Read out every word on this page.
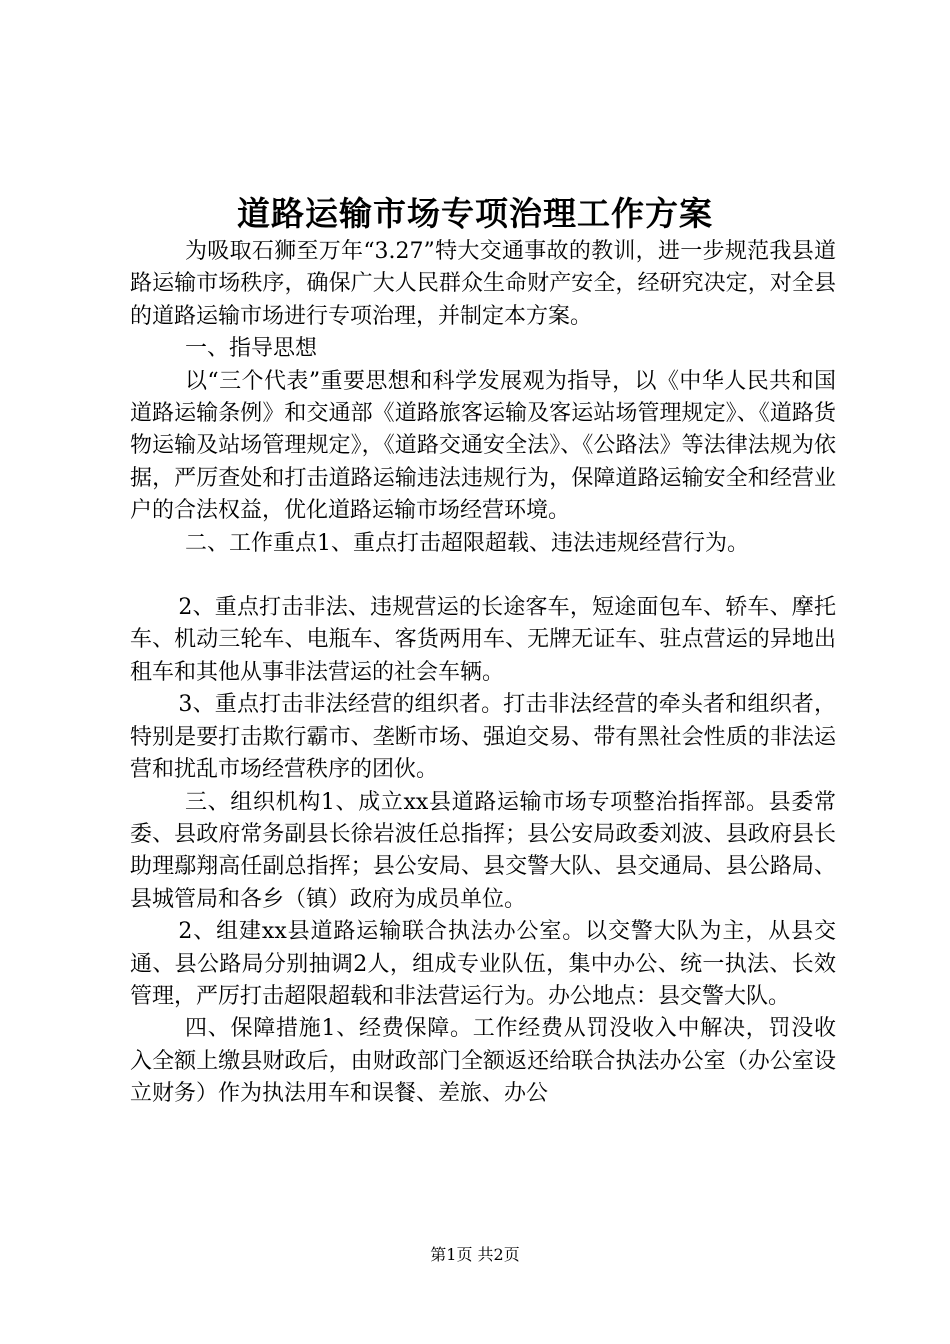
道路运输市场专项治理工作方案

为吸取石狮至万年“3.27”特大交通事故的教训，进一步规范我县道路运输市场秩序，确保广大人民群众生命财产安全，经研究决定，对全县的道路运输市场进行专项治理，并制定本方案。

一、指导思想

以“三个代表”重要思想和科学发展观为指导，以《中华人民共和国道路运输条例》和交通部《道路旅客运输及客运站场管理规定》、《道路货物运输及站场管理规定》，《道路交通安全法》、《公路法》等法律法规为依据，严厉查处和打击道路运输违法违规行为，保障道路运输安全和经营业户的合法权益，优化道路运输市场经营环境。

二、工作重点1、重点打击超限超载、违法违规经营行为。

2、重点打击非法、违规营运的长途客车，短途面包车、轿车、摩托车、机动三轮车、电瓶车、客货两用车、无牌无证车、驻点营运的异地出租车和其他从事非法营运的社会车辆。

3、重点打击非法经营的组织者。打击非法经营的牵头者和组织者，特别是要打击欺行霸市、垄断市场、强迫交易、带有黑社会性质的非法运营和扰乱市场经营秩序的团伙。

三、组织机构1、成立xx县道路运输市场专项整治指挥部。县委常委、县政府常务副县长徐岩波任总指挥；县公安局政委刘波、县政府县长助理鄢翔高任副总指挥；县公安局、县交警大队、县交通局、县公路局、县城管局和各乡（镇）政府为成员单位。

2、组建xx县道路运输联合执法办公室。以交警大队为主，从县交通、县公路局分别抽调2人，组成专业队伍，集中办公、统一执法、长效管理，严厉打击超限超载和非法营运行为。办公地点：县交警大队。

四、保障措施1、经费保障。工作经费从罚没收入中解决，罚没收入全额上缴县财政后，由财政部门全额返还给联合执法办公室（办公室设立财务）作为执法用车和误餐、差旅、办公

第1页 共2页
